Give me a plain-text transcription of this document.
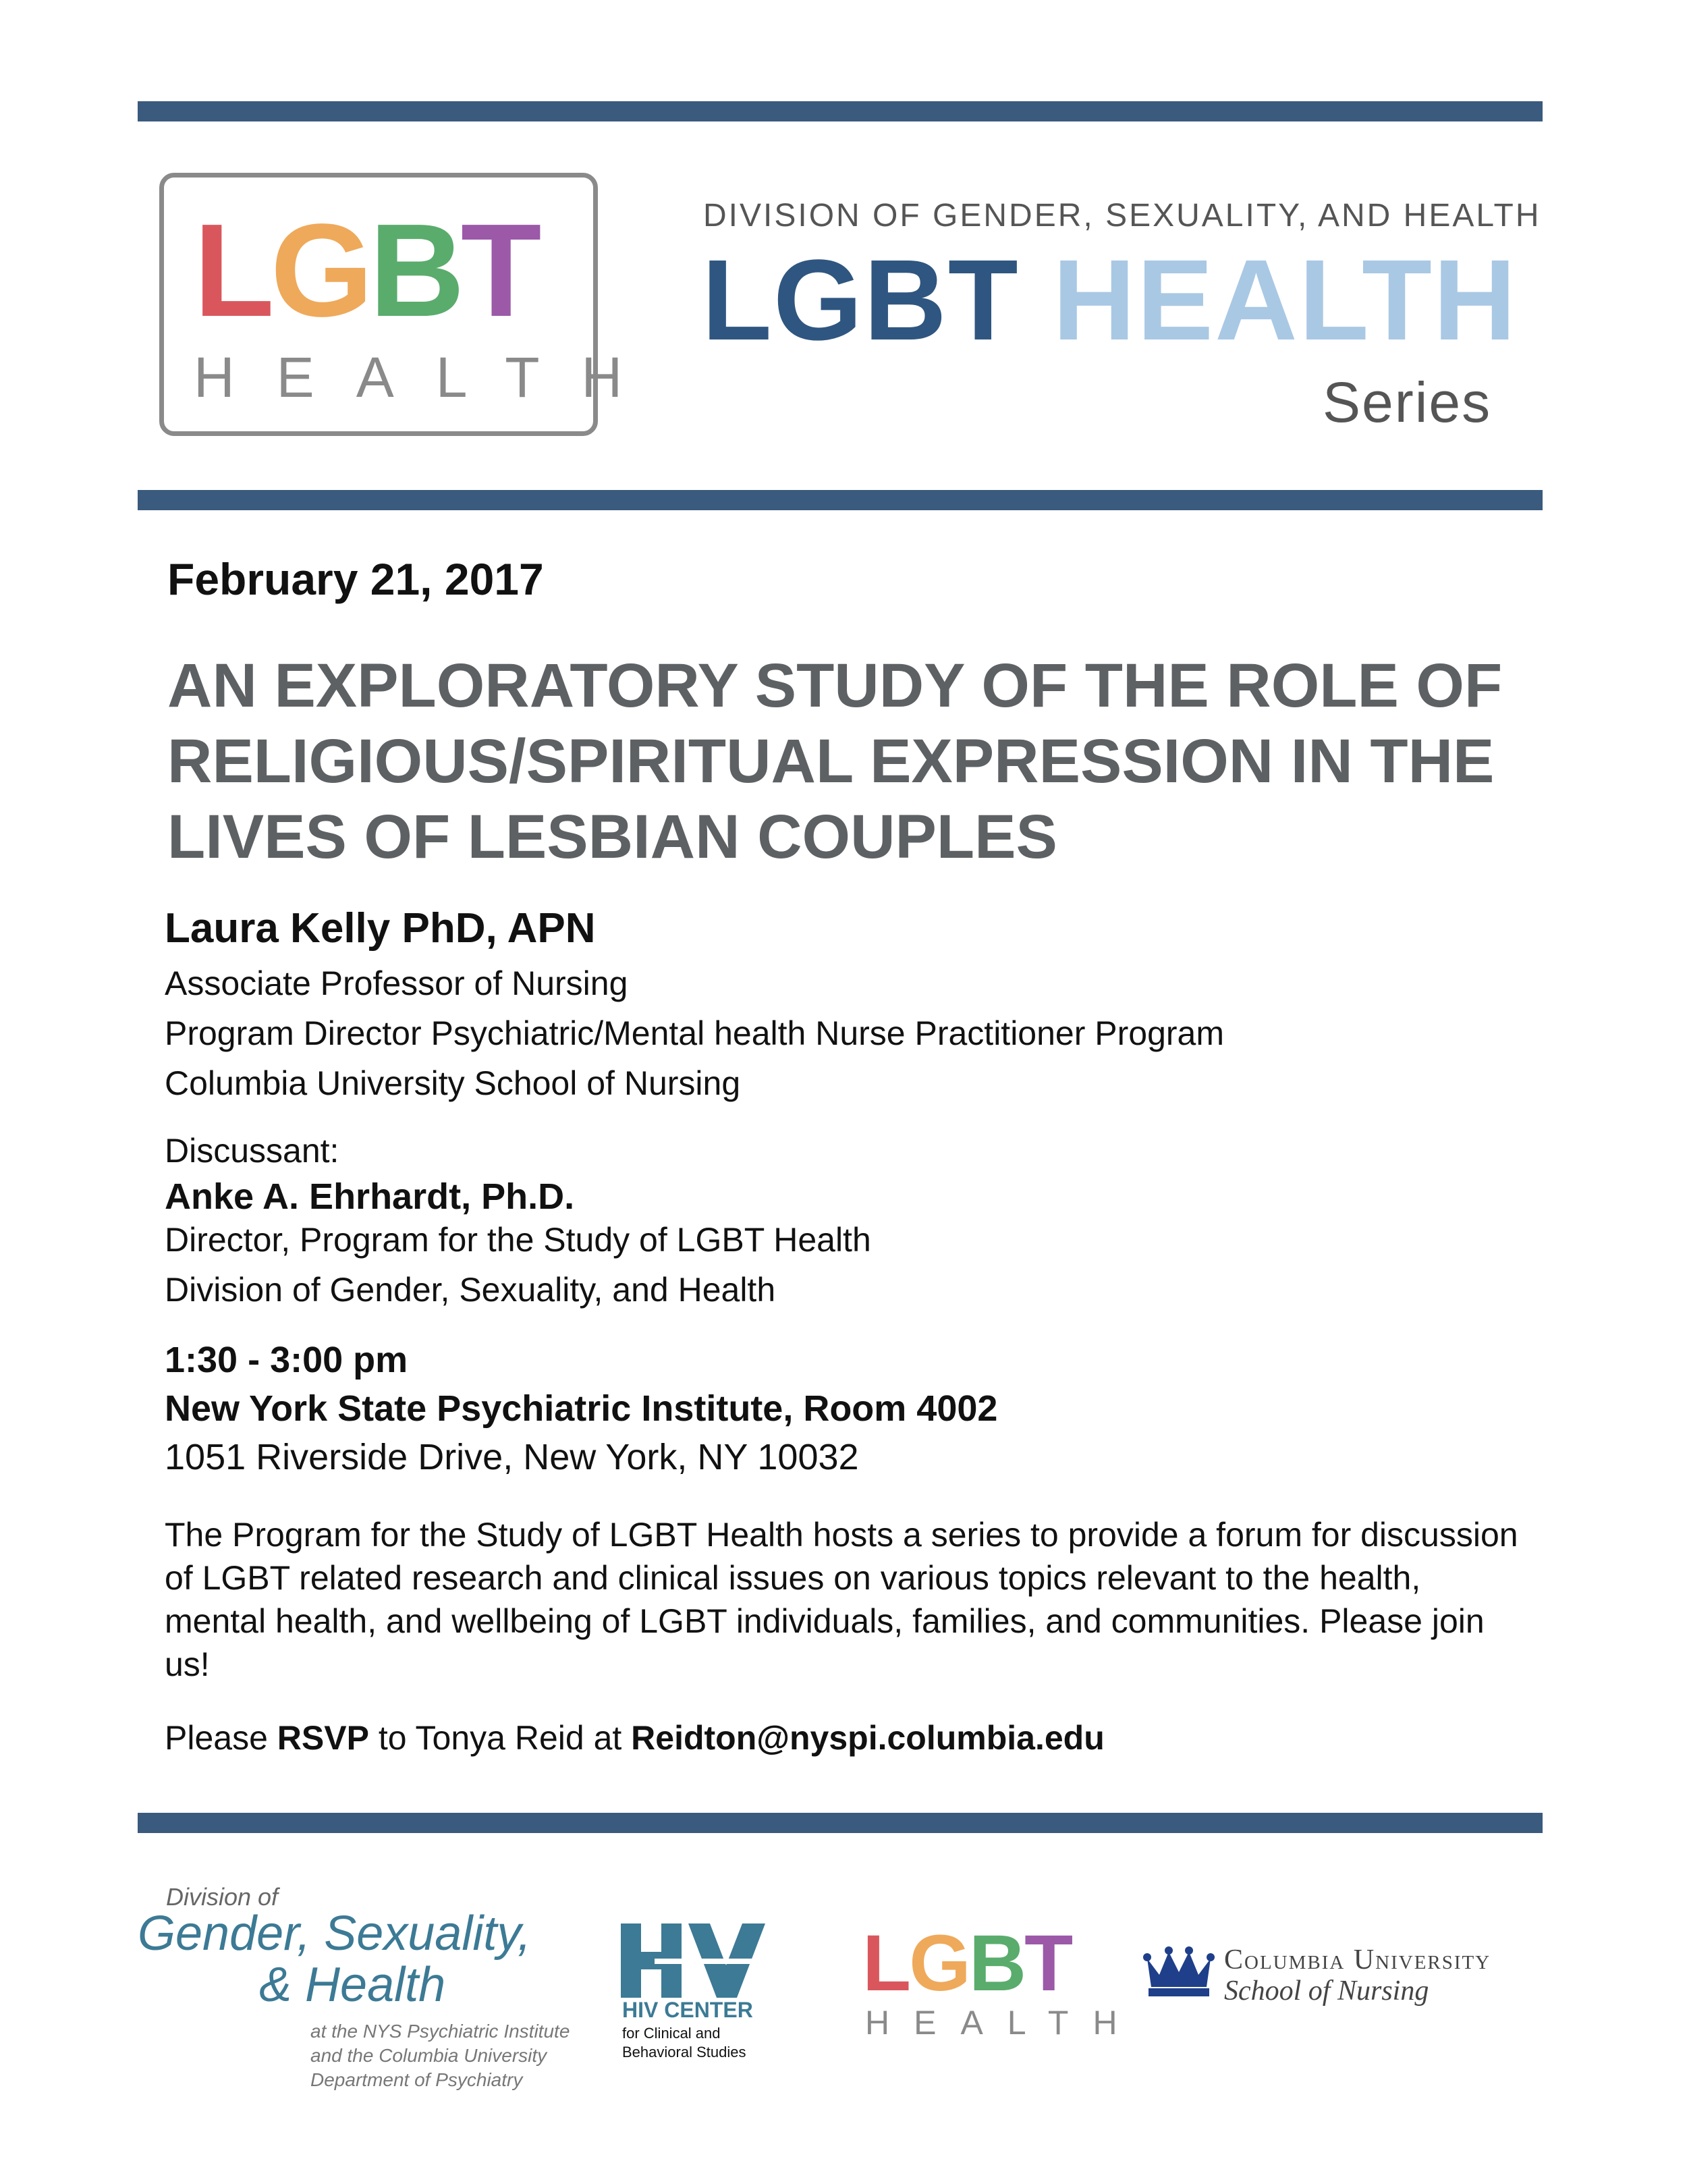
L G B T
HEALTH
DIVISION OF GENDER, SEXUALITY, AND HEALTH
LGBT HEALTH
Series
February 21, 2017
AN EXPLORATORY STUDY OF THE ROLE OF RELIGIOUS/SPIRITUAL EXPRESSION IN THE LIVES OF LESBIAN COUPLES
Laura Kelly PhD, APN
Associate Professor of Nursing
Program Director Psychiatric/Mental health Nurse Practitioner Program
Columbia University School of Nursing
Discussant:
Anke A. Ehrhardt, Ph.D.
Director, Program for the Study of LGBT Health
Division of Gender, Sexuality, and Health
1:30 - 3:00 pm
New York State Psychiatric Institute, Room 4002
1051 Riverside Drive, New York, NY 10032
The Program for the Study of LGBT Health hosts a series to provide a forum for discussion of LGBT related research and clinical issues on various topics relevant to the health, mental health, and wellbeing of LGBT individuals, families, and communities. Please join us!
Please RSVP to Tonya Reid at Reidton@nyspi.columbia.edu
Division of
Gender, Sexuality,
& Health
at the NYS Psychiatric Institute
and the Columbia University
Department of Psychiatry
HIV CENTER
for Clinical and
Behavioral Studies
L G B T
HEALTH
Columbia University
School of Nursing
